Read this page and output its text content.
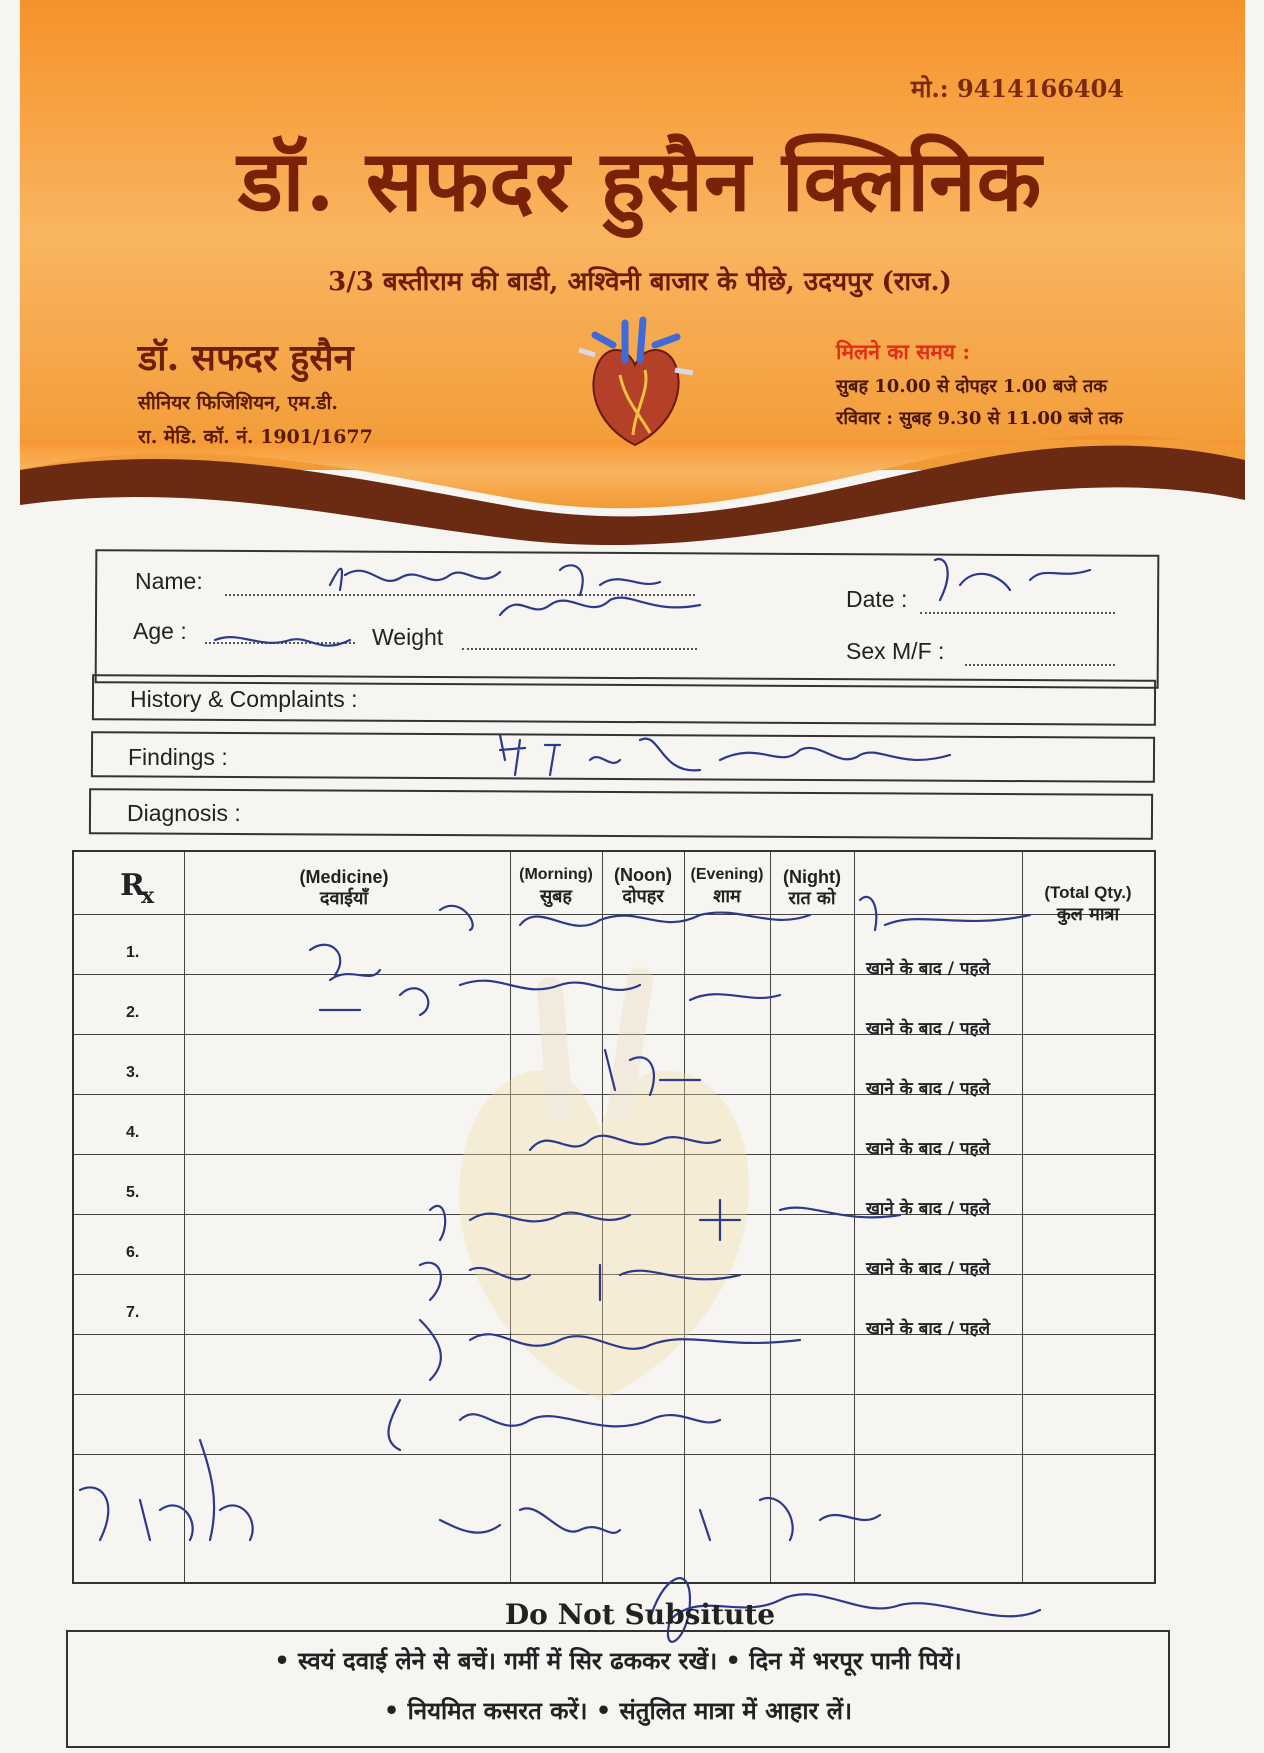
मो.: 9414166404
डॉ. सफदर हुसैन क्लिनिक
3/3 बस्तीराम की बाडी, अश्विनी बाजार के पीछे, उदयपुर (राज.)
डॉ. सफदर हुसैन
सीनियर फिजिशियन, एम.डी.
रा. मेडि. कॉ. नं. 1901/1677
मिलने का समय :
सुबह 10.00 से दोपहर 1.00 बजे तक
रविवार : सुबह 9.30 से 11.00 बजे तक
Name:
Date :
Age :	Weight
Sex M/F :
History & Complaints :
Findings :
Diagnosis :
$R_x$
(Medicine)
दवाईयाँ
(Morning)
सुबह
(Noon)
दोपहर
(Evening)
शाम
(Night)
रात को	(Total Qty.)
कुल मात्रा
1.
2.
3.
4.
5.
6.
7.
खाने के बाद / पहले
खाने के बाद / पहले
खाने के बाद / पहले
खाने के बाद / पहले
खाने के बाद / पहले
खाने के बाद / पहले
खाने के बाद / पहले
Do Not Subsitute
• स्वयं दवाई लेने से बचें। गर्मी में सिर ढककर रखें। • दिन में भरपूर पानी पियें।
• नियमित कसरत करें। • संतुलित मात्रा में आहार लें।
